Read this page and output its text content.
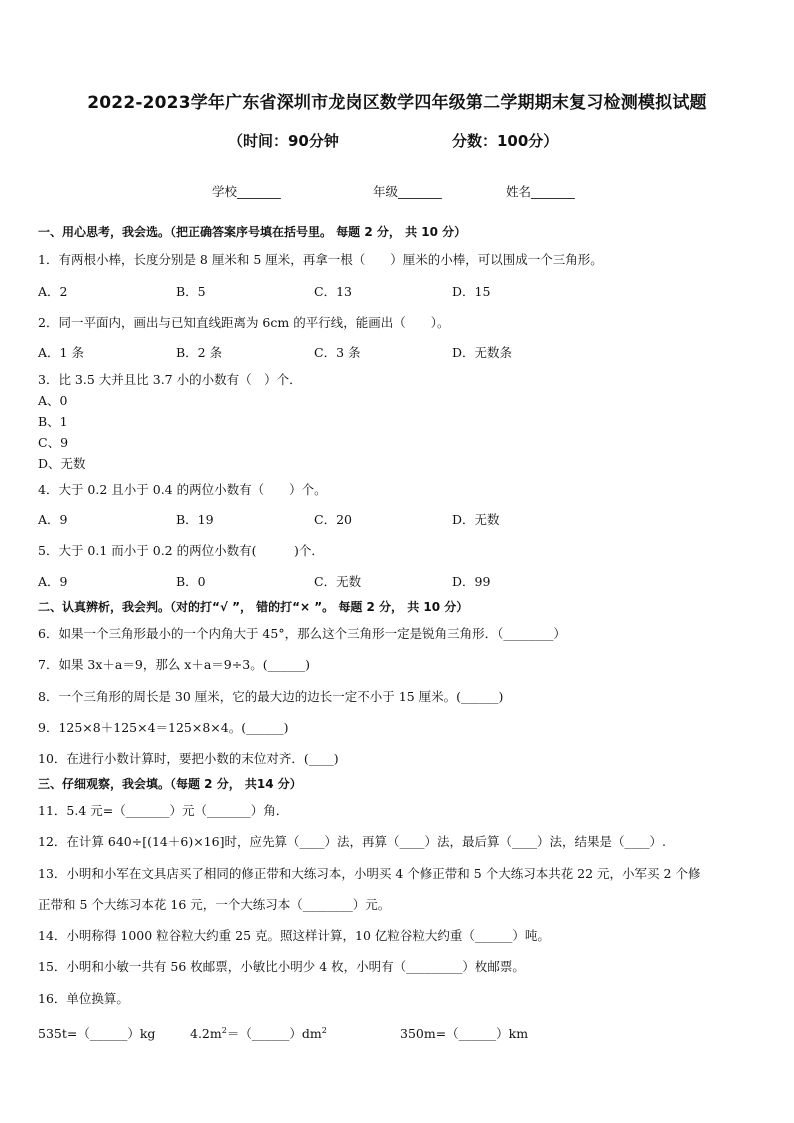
2022-2023学年广东省深圳市龙岗区数学四年级第二学期期末复习检测模拟试题
（时间：90分钟	分数：100分）
学校_______	年级_______	姓名_______
一、用心思考，我会选。（把正确答案序号填在括号里。 每题 2 分， 共 10 分）
1．有两根小棒，长度分别是 8 厘米和 5 厘米，再拿一根（　　）厘米的小棒，可以围成一个三角形。
A．2	B．5	C．13	D．15
2．同一平面内，画出与已知直线距离为 6cm 的平行线，能画出（　　）。
A．1 条	B．2 条	C．3 条	D．无数条
3．比 3.5 大并且比 3.7 小的小数有（　）个．
A、0
B、1
C、9
D、无数
4．大于 0.2 且小于 0.4 的两位小数有（　　）个。
A．9	B．19	C．20	D．无数
5．大于 0.1 而小于 0.2 的两位小数有(　　　)个．
A．9	B．0	C．无数	D．99
二、认真辨析，我会判。（对的打“√ ”， 错的打“× ”。 每题 2 分， 共 10 分）
6．如果一个三角形最小的一个内角大于 45°，那么这个三角形一定是锐角三角形．（________）
7．如果 3x＋a＝9，那么 x＋a＝9÷3。(______)
8．一个三角形的周长是 30 厘米，它的最大边的边长一定不小于 15 厘米。(______)
9．125×8＋125×4＝125×8×4。(______)
10．在进行小数计算时，要把小数的末位对齐．(____)
三、仔细观察，我会填。（每题 2 分， 共14 分）
11．5.4 元=（_______）元（_______）角．
12．在计算 640÷[(14＋6)×16]时，应先算（____）法，再算（____）法，最后算（____）法，结果是（____）.
13．小明和小军在文具店买了相同的修正带和大练习本，小明买 4 个修正带和 5 个大练习本共花 22 元，小军买 2 个修
正带和 5 个大练习本花 16 元，一个大练习本（________）元。
14．小明称得 1000 粒谷粒大约重 25 克。照这样计算，10 亿粒谷粒大约重（______）吨。
15．小明和小敏一共有 56 枚邮票，小敏比小明少 4 枚，小明有（_________）枚邮票。
16．单位换算。
535t=（______）kg	$4.2m^2=(\_\_\_\_\_\_)dm^2$	350m=（______）km
